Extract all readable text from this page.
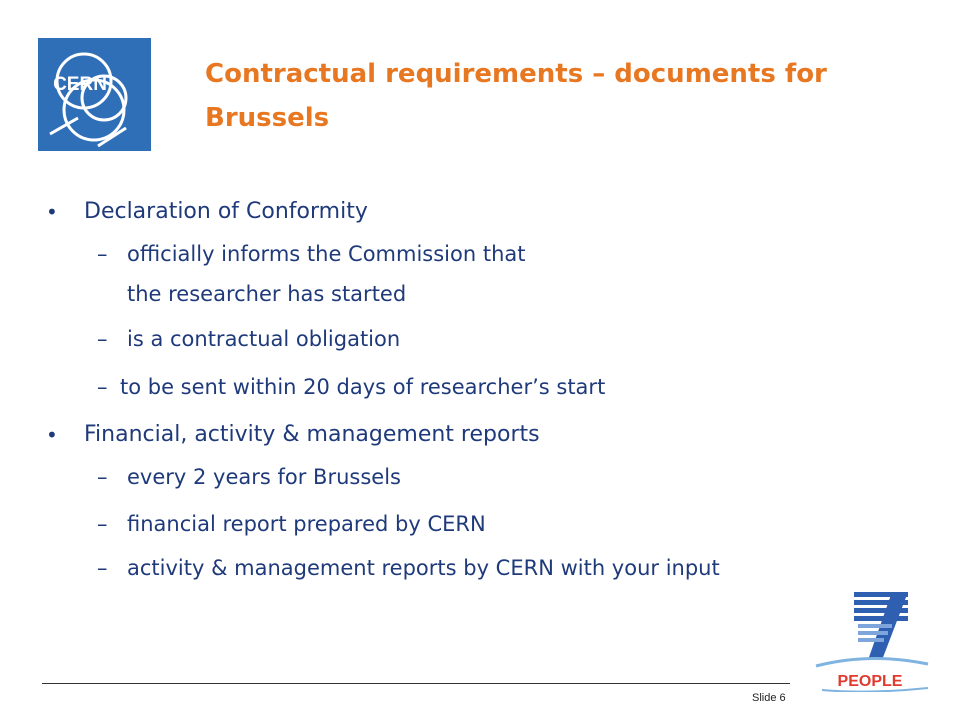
CERN	Contractual requirements – documents for
Brussels
• Declaration of Conformity
– officially informs the Commission that
the researcher has started
– is a contractual obligation
– to be sent within 20 days of researcher’s start
• Financial, activity & management reports
– every 2 years for Brussels
– financial report prepared by CERN
– activity & management reports by CERN with your input
PEOPLE
Slide 6
